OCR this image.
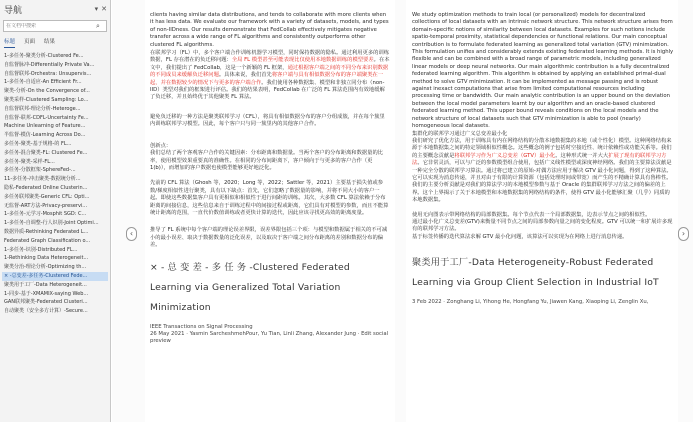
导航	▾ ✕
在文档中搜索
⌕
标题 页面 结果
1-多任务-聚类分析-Clustered Fe...
自监督脉冲-Differentially Private Va...
自监督联邦-Orchestra: Unsupervis...
1-多任务-自适应-An Efficient Fr...
聚类-分析-On the Convergence of...
聚类采样-Clustered Sampling: Lo...
自监督联邦-理论分析-Heteroge...
自监督-联邦-CDFL-Uncertainty Fe...
Machine Unlearning of Feature...
半监督-模仿-Learning Across Do...
多任务-聚类-基于规格-的 FL...
多任务-混合聚类-FL: Clustered Fe...
多任务-聚类-采样-FL...
多任务-分散框架-SphereFed-...
11-多任务-冲击聚类-数据统分析...
隐私-Federated Online Clusterin...
多任务联邦聚类-Generic CFL: Opti...
无监督-ART方法-Privacy-preservi...
1-多任务-元学习-Mosphit SGD: C...
1-多任务-自调整-行人识别-Joint Optimi...
数据异质-Rethinking Federated L...
Federated Graph Classification o...
1-多任务-识别-Distributed FL...
1-Rethinking Data Heterogeneit...
聚类分治-理论分析-Optimizing th...
× -总变差-多任务-Clustered Fede...
聚类用于工厂-Data Heterogeneit...
1-同步-基于-XMAMIX-saying Web...
GAN联邦聚类-Federated Clusteri...
自动聚类（安全多方计算）-Secure...
‹	›

clients having similar data distributions, and tends to collaborate with more clients when it has less data. We evaluate our framework with a variety of datasets, models, and types of non-IIDness. Our results demonstrate that FedCollab effectively mitigates negative transfer across a wide range of FL algorithms and consistently outperforms other clustered FL algorithms.

在联邦学习（FL）中，多个客户端合作训练机器学习模型，同时保持数据的隐私。通过利用更多的训练数据，FL 存在潜在的负迁移问题：全局 FL 模型甚至可能表现比仅使用本地数据训练的模型要差。在本文中，我们提出了 FedCollab，这是一个新颖的 FL 框架，通过根据客户端之间的不同分布来识别数据的不同成员来缓解负迁移问题。具体来说，我们首先将客户端与具有相似数据分布的客户端聚类在一起，并在数据较少的情况下与更多的客户端合作。我们使用各种数据集、模型和非独立同分布（non-IID）类型对我们的框架进行评估。我们的结果表明，FedCollab 在广泛的 FL 算法范围内有效地缓解了负迁移，并且始终优于其他聚类 FL 算法。

避免负迁移的一种方法是聚类联邦学习（CFL），将具有相似数据分布的客户分组成簇，并在每个簇里内训练联邦学习模型。因此，每个客户只与同一簇里内的其他客户合作。

创新点：

我们总结了两个客观客户合作的关键因素：分布距离和数据量。当两个客户的分布距离和数据量的比率，使用模型效果重要真的准确性。在相同的分布间距离下，客户倾向于与更多的客户合作（更 1(b)），而增加的客户数据也使模型能够更好地泛化。

先前的 CFL 算法（Ghosh 等，2020；Long 等，2022；Sattler 等，2021）主要基于损失值或参数/梯度相似性进行聚类，具有以下缺点：首先，它们忽略了数据量的影响，并将不同大小的客户一起。即使这些数据集客户具有更相似和相似性于进行间距的训练。其次，大多数 CFL 算法依赖于分布距离的间接信息，这些信息来自于训练过程中的间接过程或距离，它们具有对模型的参数，而且不能算统计距离的范围，一直代价数值训练或者更快计算的迭代，因此应该寻找更高效的距离度量。

推导了 FL 系统中每个客户端的理论误差界限，误差界限包括三个项：与模型和数据属于相关的不可减小的最小误差、取决于数据数量的泛化误差，以及取决于客户端之间分布距离的差别和数据分布的偏差。

× - 总 变 差 - 多 任 务 -Clustered Federated Learning via Generalized Total Variation Minimization

IEEE Transactions on Signal Processing

26 May 2021 · Yasmin SarcheshmehPour, Yu Tian, Linli Zhang, Alexander Jung · Edit social preview

We study optimization methods to train local (or personalized) models for decentralized collections of local datasets with an intrinsic network structure. This network structure arises from domain-specific notions of similarity between local datasets. Examples for such notions include spatio-temporal proximity, statistical dependencies or functional relations. Our main conceptual contribution is to formulate federated learning as generalized total variation (GTV) minimization. This formulation unifies and considerably extends existing federated learning methods. It is highly flexible and can be combined with a broad range of parametric models, including generalized linear models or deep neural networks. Our main algorithmic contribution is a fully decentralized federated learning algorithm. This algorithm is obtained by applying an established primal-dual method to solve GTV minimization. It can be implemented as message passing and is robust against inexact computations that arise from limited computational resources including processing time or bandwidth. Our main analytic contribution is an upper bound on the deviation between the local model parameters learnt by our algorithm and an oracle-based clustered federated learning method. This upper bound reveals conditions on the local models and the network structure of local datasets such that GTV minimization is able to pool (nearly) homogeneous local datasets.

集群化的联邦学习通过广义总变差最小化

我们研究了优化方法，用于训练具有内在网络结构的分散本地数据集的本地（或个性化）模型。这种网络结构来源于本地数据集之间的特定领域相似性概念。这些概念的例子包括时空接近性、统计依赖性或功能关系等。我们的主要概念贡献是将联邦学习作为广义总变差（GTV）最小化。这种形式统一并大大扩展了现有的联邦学习方法。它非常灵活，可以与广泛的参数模型组合使用，包括广义线性模型或深度神经网络。我们的主要算法贡献是一种完全分散的联邦学习算法。通过将已建立的原始-对偶方法应用于解决 GTV 最小化问题，得到了这种算法。它可以实现为消息传递，并且对由于有限的计算资源（包括处理时间或带宽）而产生的不精确计算具有鲁棒性。我们的主要分析贡献是对我们的算法学习的本地模型参数与基于 Oracle 的集群联邦学习方法之间的偏差的上界。这个上界揭示了关于本地模型和本地数据集的网络结构的条件，使得 GTV 最小化能够汇聚（几乎）同质的本地数据集。

使用无向图表示带网络结构的局部数据集。每个节点代表一个局部数据集，边表示节点之间的相似性。

通过最小化广义总变差(GTV)来衡量不同节点之间的局部参数向量之间的变化程度。GTV 可以统一和扩展许多现有的联邦学习方法。

基于标签传播的迭代算法求解 GTV 最小化问题，该算法可以实现为在网络上进行消息传递。

聚类用于工厂-Data Heterogeneity-Robust Federated Learning via Group Client Selection in Industrial IoT

3 Feb 2022 · Zonghang Li, Yihong He, Hongfang Yu, Jiawen Kang, Xiaoping Li, Zenglin Xu,
